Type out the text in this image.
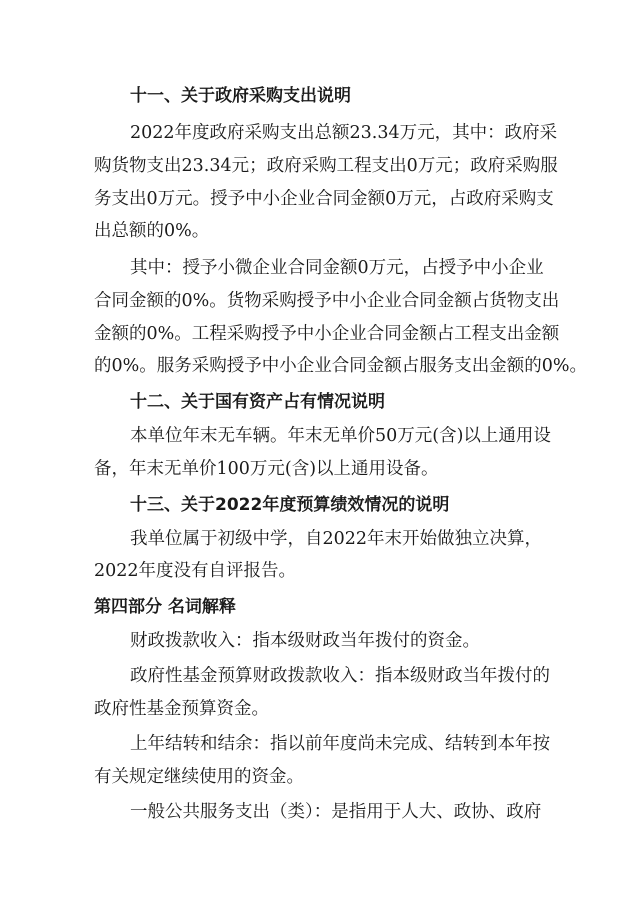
十一、关于政府采购支出说明
2022年度政府采购支出总额23.34万元，其中：政府采
购货物支出23.34元；政府采购工程支出0万元；政府采购服
务支出0万元。授予中小企业合同金额0万元，占政府采购支
出总额的0%。
其中：授予小微企业合同金额0万元，占授予中小企业
合同金额的0%。货物采购授予中小企业合同金额占货物支出
金额的0%。工程采购授予中小企业合同金额占工程支出金额
的0%。服务采购授予中小企业合同金额占服务支出金额的0%。
十二、关于国有资产占有情况说明
本单位年末无车辆。年末无单价50万元(含)以上通用设
备，年末无单价100万元(含)以上通用设备。
十三、关于2022年度预算绩效情况的说明
我单位属于初级中学，自2022年末开始做独立决算，
2022年度没有自评报告。
第四部分 名词解释
财政拨款收入：指本级财政当年拨付的资金。
政府性基金预算财政拨款收入：指本级财政当年拨付的
政府性基金预算资金。
上年结转和结余：指以前年度尚未完成、结转到本年按
有关规定继续使用的资金。
一般公共服务支出（类）：是指用于人大、政协、政府
